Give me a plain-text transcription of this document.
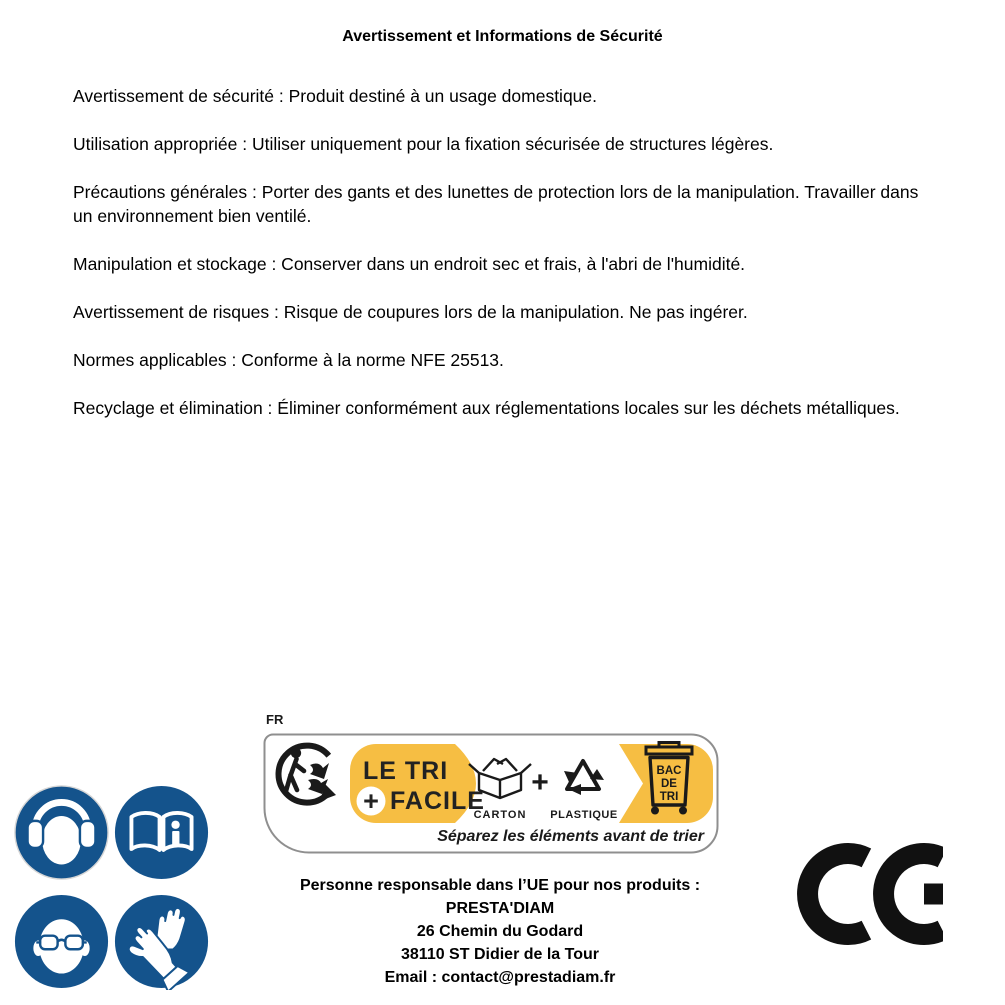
Avertissement et Informations de Sécurité

Avertissement de sécurité : Produit destiné à un usage domestique.

Utilisation appropriée : Utiliser uniquement pour la fixation sécurisée de structures légères.

Précautions générales : Porter des gants et des lunettes de protection lors de la manipulation. Travailler dans un environnement bien ventilé.

Manipulation et stockage : Conserver dans un endroit sec et frais, à l'abri de l'humidité.

Avertissement de risques : Risque de coupures lors de la manipulation. Ne pas ingérer.

Normes applicables : Conforme à la norme NFE 25513.

Recyclage et élimination : Éliminer conformément aux réglementations locales sur les déchets métalliques.

FR
LE TRI
+ FACILE
CARTON
+
PLASTIQUE
BAC
DE
TRI
Séparez les éléments avant de trier
Personne responsable dans l’UE pour nos produits :
PRESTA'DIAM
26 Chemin du Godard
38110 ST Didier de la Tour
Email : contact@prestadiam.fr
